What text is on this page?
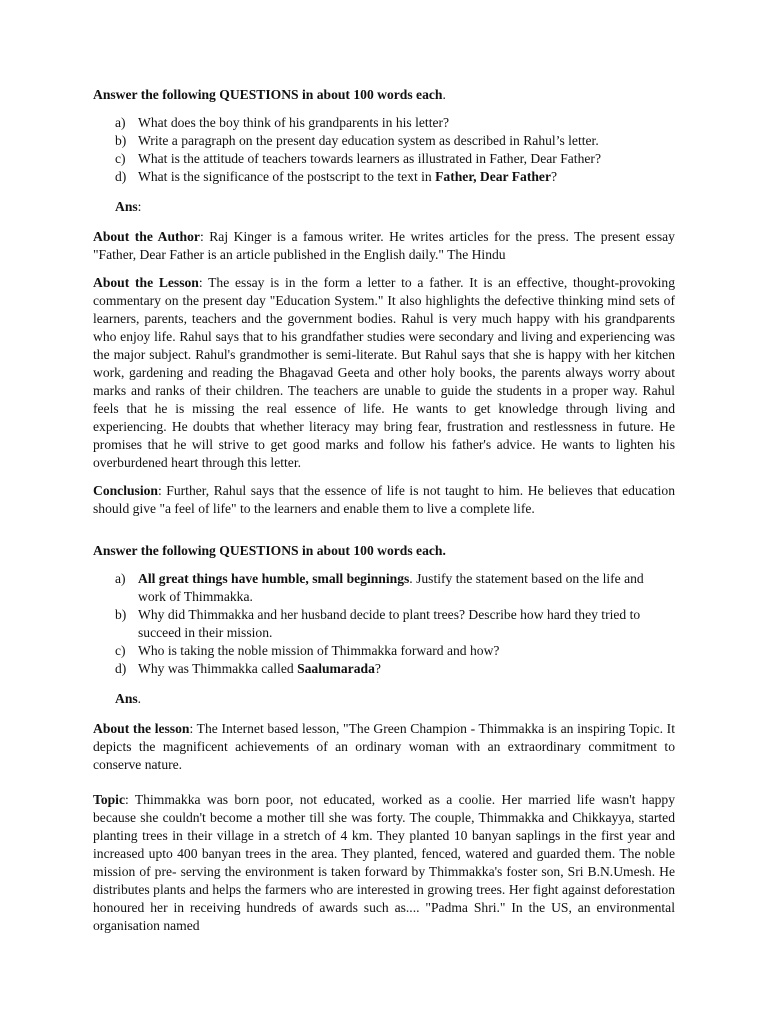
Answer the following QUESTIONS in about 100 words each.

a) What does the boy think of his grandparents in his letter?
b) Write a paragraph on the present day education system as described in Rahul’s letter.
c) What is the attitude of teachers towards learners as illustrated in Father, Dear Father?
d) What is the significance of the postscript to the text in Father, Dear Father?

Ans:

About the Author: Raj Kinger is a famous writer. He writes articles for the press. The present essay "Father, Dear Father is an article published in the English daily." The Hindu

About the Lesson: The essay is in the form a letter to a father. It is an effective, thought-provoking commentary on the present day "Education System." It also highlights the defective thinking mind sets of learners, parents, teachers and the government bodies. Rahul is very much happy with his grandparents who enjoy life. Rahul says that to his grandfather studies were secondary and living and experiencing was the major subject. Rahul's grandmother is semi-literate. But Rahul says that she is happy with her kitchen work, gardening and reading the Bhagavad Geeta and other holy books, the parents always worry about marks and ranks of their children. The teachers are unable to guide the students in a proper way. Rahul feels that he is missing the real essence of life. He wants to get knowledge through living and experiencing. He doubts that whether literacy may bring fear, frustration and restlessness in future. He promises that he will strive to get good marks and follow his father's advice. He wants to lighten his overburdened heart through this letter.

Conclusion: Further, Rahul says that the essence of life is not taught to him. He believes that education should give "a feel of life" to the learners and enable them to live a complete life.

Answer the following QUESTIONS in about 100 words each.

a) All great things have humble, small beginnings. Justify the statement based on the life and work of Thimmakka.
b) Why did Thimmakka and her husband decide to plant trees? Describe how hard they tried to succeed in their mission.
c) Who is taking the noble mission of Thimmakka forward and how?
d) Why was Thimmakka called Saalumarada?

Ans.

About the lesson: The Internet based lesson, "The Green Champion - Thimmakka is an inspiring Topic. It depicts the magnificent achievements of an ordinary woman with an extraordinary commitment to conserve nature.

Topic: Thimmakka was born poor, not educated, worked as a coolie. Her married life wasn't happy because she couldn't become a mother till she was forty. The couple, Thimmakka and Chikkayya, started planting trees in their village in a stretch of 4 km. They planted 10 banyan saplings in the first year and increased upto 400 banyan trees in the area. They planted, fenced, watered and guarded them. The noble mission of pre- serving the environment is taken forward by Thimmakka's foster son, Sri B.N.Umesh. He distributes plants and helps the farmers who are interested in growing trees. Her fight against deforestation honoured her in receiving hundreds of awards such as.... "Padma Shri." In the US, an environmental organisation named
